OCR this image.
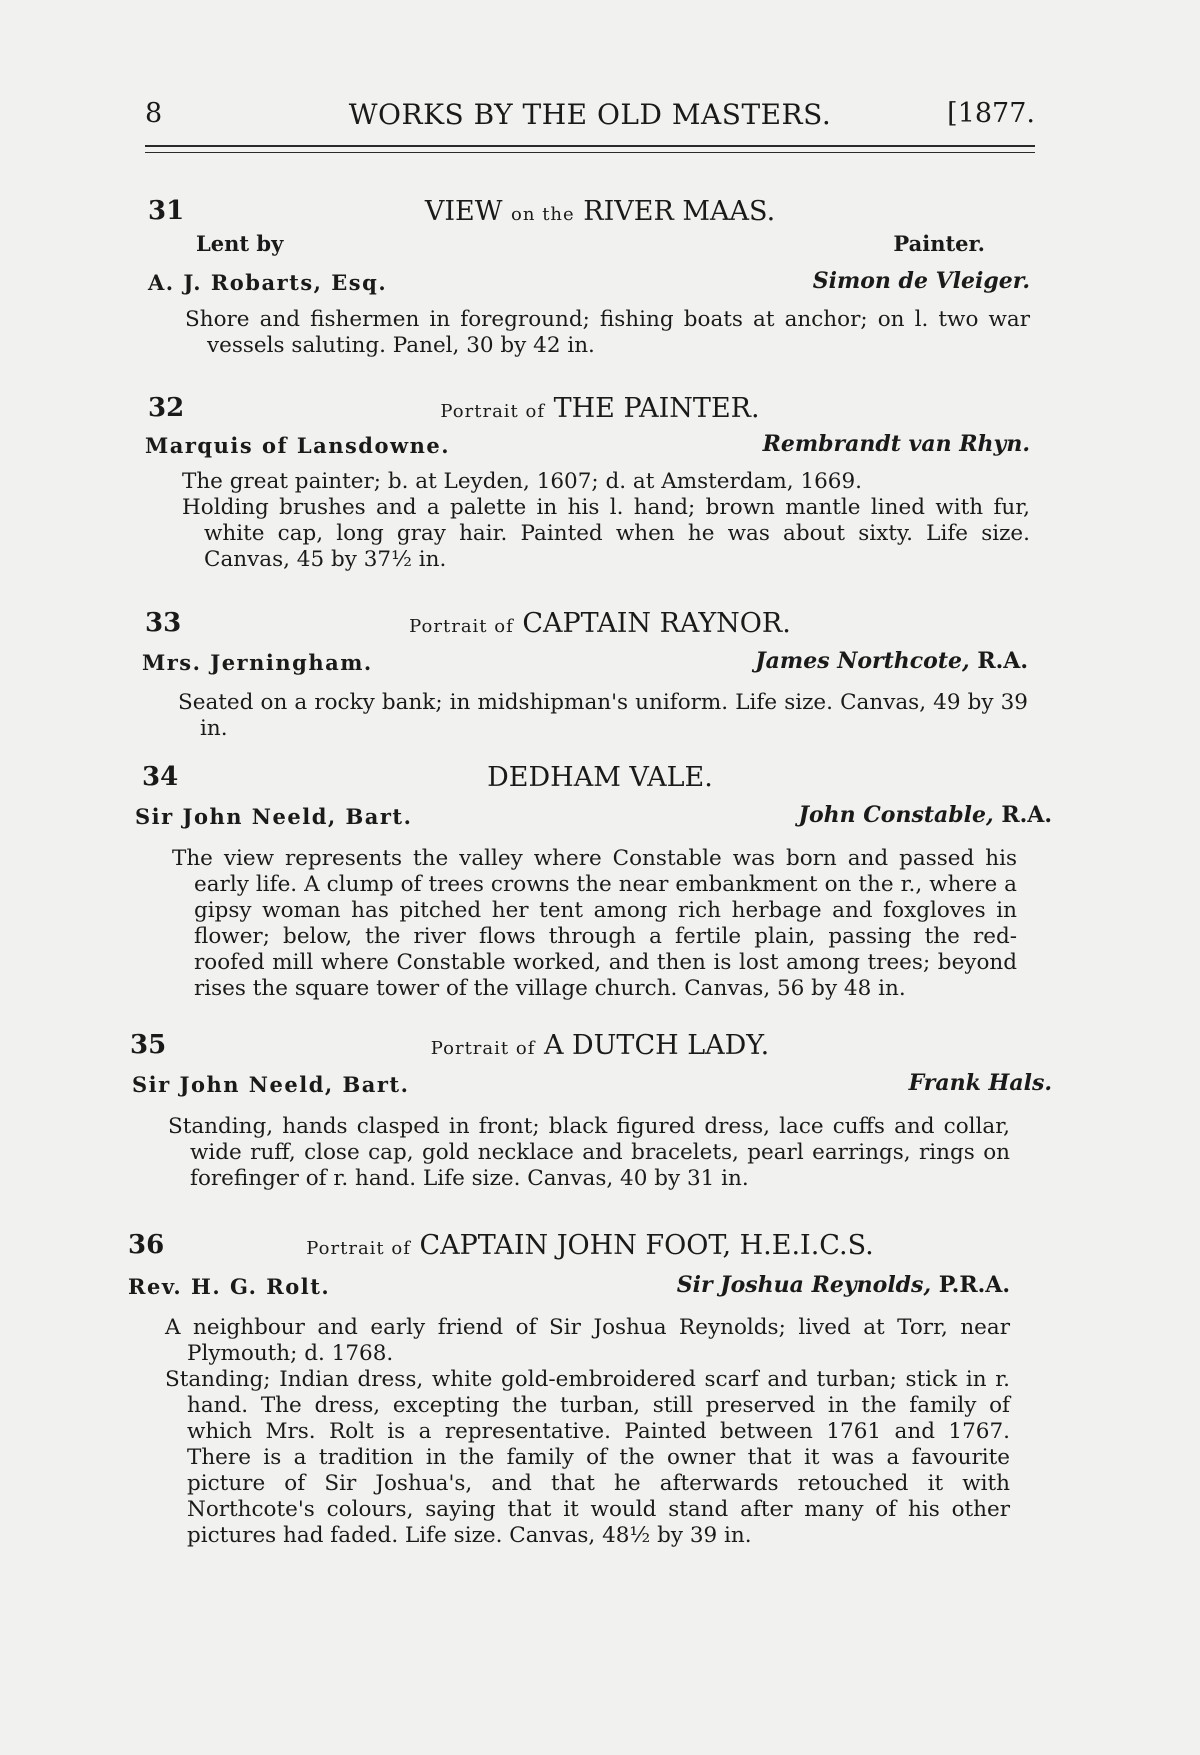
8	WORKS BY THE OLD MASTERS.	[1877.
31	VIEW on the RIVER MAAS.
Lent by	Painter.
A. J. Robarts, Esq.	Simon de Vleiger.

Shore and fishermen in foreground; fishing boats at anchor; on l. two war vessels saluting. Panel, 30 by 42 in.

32	Portrait of THE PAINTER.
Marquis of Lansdowne.	Rembrandt van Rhyn.

The great painter; b. at Leyden, 1607; d. at Amsterdam, 1669.

Holding brushes and a palette in his l. hand; brown mantle lined with fur, white cap, long gray hair. Painted when he was about sixty. Life size. Canvas, 45 by 37½ in.

33	Portrait of CAPTAIN RAYNOR.
Mrs. Jerningham.	James Northcote, R.A.

Seated on a rocky bank; in midshipman's uniform. Life size. Canvas, 49 by 39 in.

34	DEDHAM VALE.
Sir John Neeld, Bart.	John Constable, R.A.

The view represents the valley where Constable was born and passed his early life. A clump of trees crowns the near embankment on the r., where a gipsy woman has pitched her tent among rich herbage and foxgloves in flower; below, the river flows through a fertile plain, passing the red-roofed mill where Constable worked, and then is lost among trees; beyond rises the square tower of the village church. Canvas, 56 by 48 in.

35	Portrait of A DUTCH LADY.
Sir John Neeld, Bart.	Frank Hals.

Standing, hands clasped in front; black figured dress, lace cuffs and collar, wide ruff, close cap, gold necklace and bracelets, pearl earrings, rings on forefinger of r. hand. Life size. Canvas, 40 by 31 in.

36	Portrait of CAPTAIN JOHN FOOT, H.E.I.C.S.
Rev. H. G. Rolt.	Sir Joshua Reynolds, P.R.A.

A neighbour and early friend of Sir Joshua Reynolds; lived at Torr, near Plymouth; d. 1768.

Standing; Indian dress, white gold-embroidered scarf and turban; stick in r. hand. The dress, excepting the turban, still preserved in the family of which Mrs. Rolt is a representative. Painted between 1761 and 1767. There is a tradition in the family of the owner that it was a favourite picture of Sir Joshua's, and that he afterwards retouched it with Northcote's colours, saying that it would stand after many of his other pictures had faded. Life size. Canvas, 48½ by 39 in.
